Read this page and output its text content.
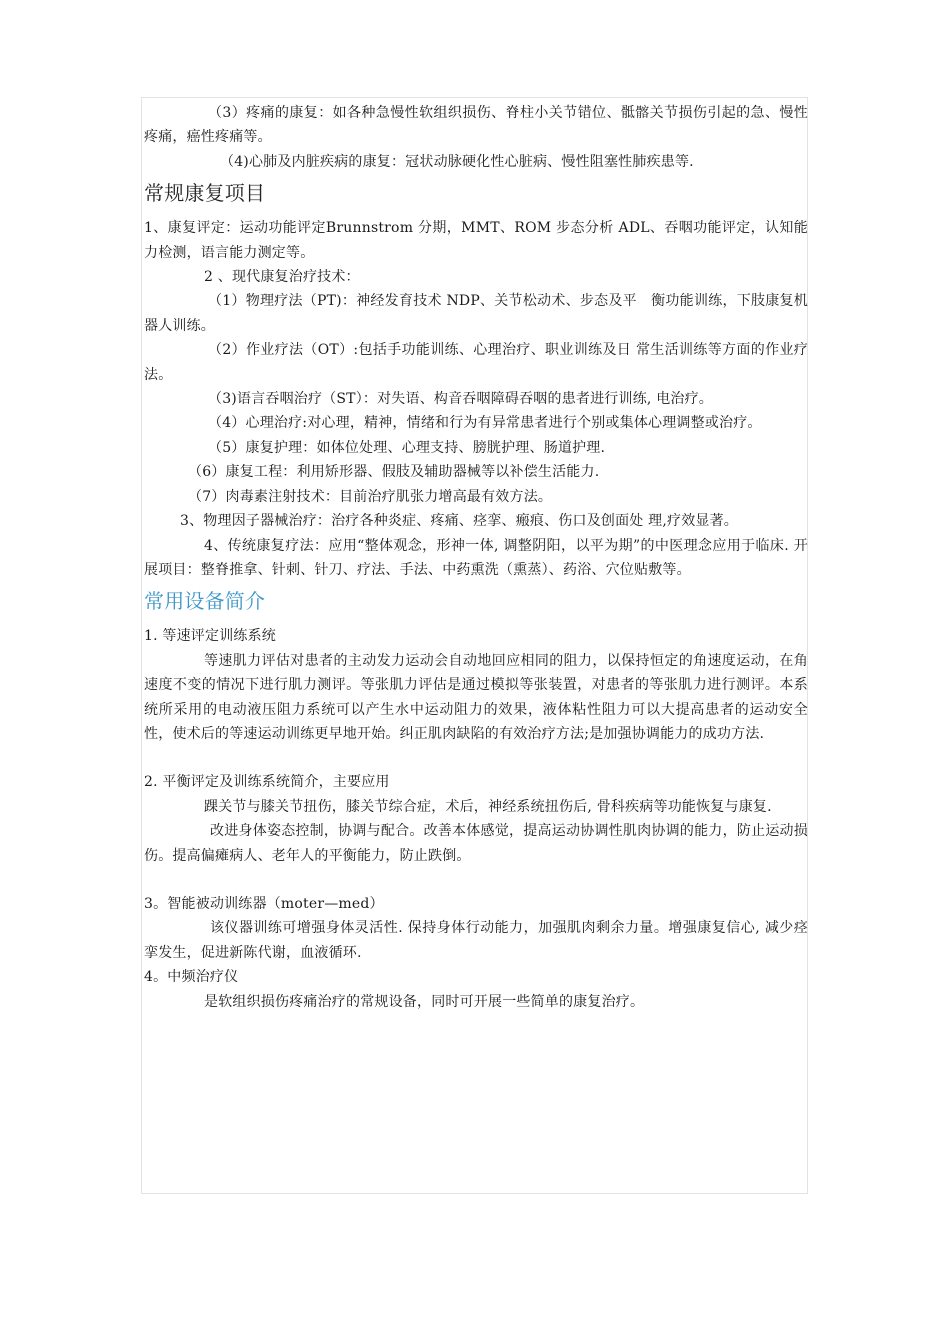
（3）疼痛的康复：如各种急慢性软组织损伤、脊柱小关节错位、骶髂关节损伤引起的急、慢性疼痛，癌性疼痛等。

（4)心肺及内脏疾病的康复：冠状动脉硬化性心脏病、慢性阻塞性肺疾患等.

常规康复项目

1、康复评定：运动功能评定Brunnstrom 分期，MMT、ROM 步态分析 ADL、吞咽功能评定，认知能力检测，语言能力测定等。

2 、现代康复治疗技术：

（1）物理疗法（PT)：神经发育技术 NDP、关节松动术、步态及平　衡功能训练，下肢康复机器人训练。

（2）作业疗法（OT）:包括手功能训练、心理治疗、职业训练及日 常生活训练等方面的作业疗法。

（3)语言吞咽治疗（ST）：对失语、构音吞咽障碍吞咽的患者进行训练, 电治疗。

（4）心理治疗:对心理，精神，情绪和行为有异常患者进行个别或集体心理调整或治疗。

（5）康复护理：如体位处理、心理支持、膀胱护理、肠道护理.

（6）康复工程：利用矫形器、假肢及辅助器械等以补偿生活能力.

（7）肉毒素注射技术：目前治疗肌张力增高最有效方法。

3、物理因子器械治疗：治疗各种炎症、疼痛、痉挛、瘢痕、伤口及创面处 理,疗效显著。

4、传统康复疗法：应用“整体观念，形神一体, 调整阴阳，以平为期”的中医理念应用于临床. 开展项目：整脊推拿、针刺、针刀、疗法、手法、中药熏洗（熏蒸）、药浴、穴位贴敷等。

常用设备简介

1. 等速评定训练系统

等速肌力评估对患者的主动发力运动会自动地回应相同的阻力，以保持恒定的角速度运动，在角速度不变的情况下进行肌力测评。等张肌力评估是通过模拟等张装置，对患者的等张肌力进行测评。本系统所采用的电动液压阻力系统可以产生水中运动阻力的效果，液体粘性阻力可以大提高患者的运动安全性，使术后的等速运动训练更早地开始。纠正肌肉缺陷的有效治疗方法;是加强协调能力的成功方法.

2. 平衡评定及训练系统简介，主要应用

踝关节与膝关节扭伤，膝关节综合症，术后，神经系统扭伤后, 骨科疾病等功能恢复与康复.

改进身体姿态控制，协调与配合。改善本体感觉，提高运动协调性肌肉协调的能力，防止运动损伤。提高偏瘫病人、老年人的平衡能力，防止跌倒。

3。智能被动训练器（moter—med）

该仪器训练可增强身体灵活性. 保持身体行动能力，加强肌肉剩余力量。增强康复信心, 减少痉挛发生，促进新陈代谢，血液循环.

4。中频治疗仪

是软组织损伤疼痛治疗的常规设备，同时可开展一些简单的康复治疗。
